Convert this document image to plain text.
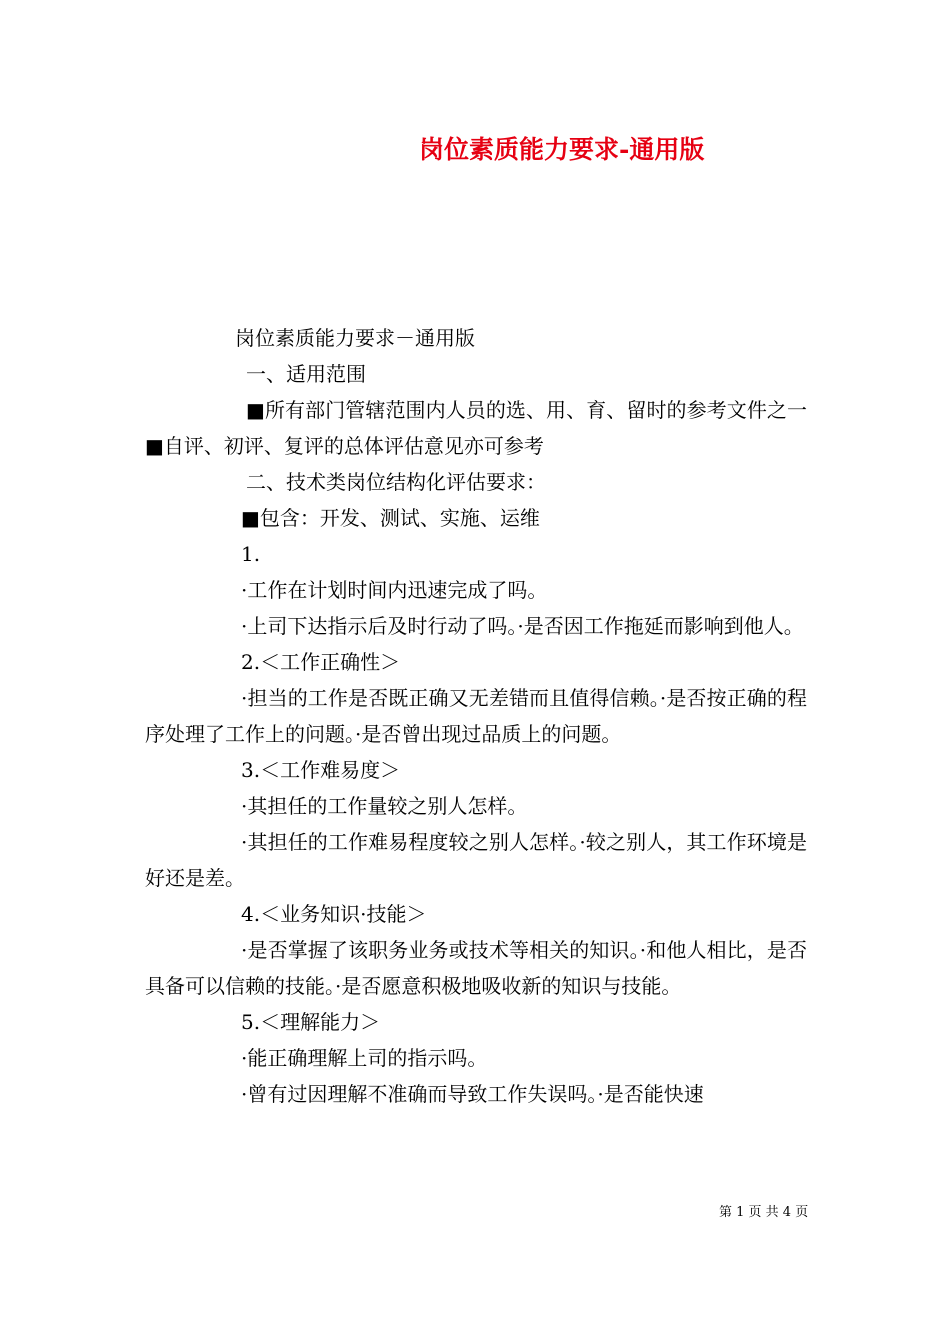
岗位素质能力要求-通用版

岗位素质能力要求－通用版

一、适用范围

■所有部门管辖范围内人员的选、用、育、留时的参考文件之一■自评、初评、复评的总体评估意见亦可参考

二、技术类岗位结构化评估要求：

■包含：开发、测试、实施、运维

1.

·工作在计划时间内迅速完成了吗。

·上司下达指示后及时行动了吗。·是否因工作拖延而影响到他人。

2.＜工作正确性＞

·担当的工作是否既正确又无差错而且值得信赖。·是否按正确的程序处理了工作上的问题。·是否曾出现过品质上的问题。

3.＜工作难易度＞

·其担任的工作量较之别人怎样。

·其担任的工作难易程度较之别人怎样。·较之别人，其工作环境是好还是差。

4.＜业务知识·技能＞

·是否掌握了该职务业务或技术等相关的知识。·和他人相比，是否具备可以信赖的技能。·是否愿意积极地吸收新的知识与技能。

5.＜理解能力＞

·能正确理解上司的指示吗。

·曾有过因理解不准确而导致工作失误吗。·是否能快速

第 1 页 共 4 页
